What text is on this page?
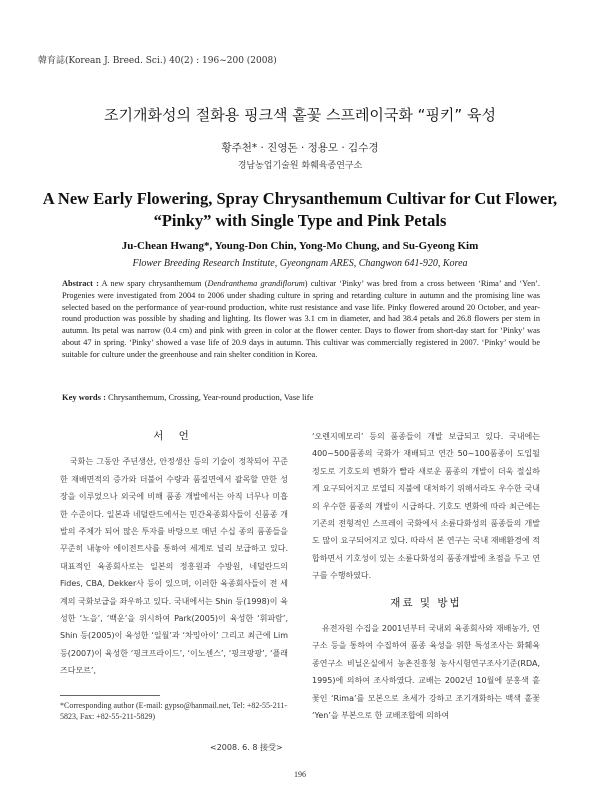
韓育誌(Korean J. Breed. Sci.) 40(2) : 196~200 (2008)
조기개화성의 절화용 핑크색 홑꽃 스프레이국화 “핑키” 육성
황주천* · 진영돈 · 정용모 · 김수경
경남농업기술원 화훼육종연구소
A New Early Flowering, Spray Chrysanthemum Cultivar for Cut Flower, “Pinky” with Single Type and Pink Petals
Ju-Chean Hwang*, Young-Don Chin, Yong-Mo Chung, and Su-Gyeong Kim
Flower Breeding Research Institute, Gyeongnam ARES, Changwon 641-920, Korea
Abstract : A new spary chrysanthemum (Dendranthema grandiflorum) cultivar ‘Pinky’ was bred from a cross between ‘Rima’ and ‘Yen’. Progenies were investigated from 2004 to 2006 under shading culture in spring and retarding culture in autumn and the promising line was selected based on the performance of year-round production, white rust resistance and vase life. Pinky flowered around 20 October, and year-round production was possible by shading and lighting. Its flower was 3.1 cm in diameter, and had 38.4 petals and 26.8 flowers per stem in autumn. Its petal was narrow (0.4 cm) and pink with green in color at the flower center. Days to flower from short-day start for ‘Pinky’ was about 47 in spring. ‘Pinky’ showed a vase life of 20.9 days in autumn. This cultivar was commercially registered in 2007. ‘Pinky’ would be suitable for culture under the greenhouse and rain shelter condition in Korea.
Key words : Chrysanthemum, Crossing, Year-round production, Vase life
서 언

국화는 그동안 주년생산, 안정생산 등의 기술이 정착되어 꾸준한 재배면적의 증가와 더불어 수량과 품질면에서 괄목할 만한 성장을 이루었으나 외국에 비해 품종 개발에서는 아직 너무나 미흡한 수준이다. 일본과 네덜란드에서는 민간육종회사들이 신품종 개발의 주체가 되어 많은 투자를 바탕으로 매년 수십 종의 품종들을 꾸준히 내놓아 에이전트사를 통하여 세계로 널리 보급하고 있다. 대표적인 육종회사로는 일본의 정흥원과 수방원, 네덜란드의 Fides, CBA, Dekker사 등이 있으며, 이러한 육종회사들이 전 세계의 국화보급을 좌우하고 있다. 국내에서는 Shin 등(1998)이 육성한 ‘노을’, ‘백운’을 위시하여 Park(2005)이 육성한 ‘휘파람’, Shin 등(2005)이 육성한 ‘일월’과 ‘차밍아이’ 그리고 최근에 Lim 등(2007)이 육성한 ‘핑크프라이드’, ‘이노센스’, ‘핑크팡팡’, ‘플래즈다모르’,

‘오렌지메모리’ 등의 품종들이 개발 보급되고 있다. 국내에는 400~500품종의 국화가 재배되고 연간 50~100품종이 도입될 정도로 기호도의 변화가 빨라 새로운 품종의 개발이 더욱 절실하게 요구되어지고 로열티 지불에 대처하기 위해서라도 우수한 국내의 우수한 품종의 개발이 시급하다. 기호도 변화에 따라 최근에는 기존의 전형적인 스프레이 국화에서 소륜다화성의 품종들의 개발도 많이 요구되어지고 있다. 따라서 본 연구는 국내 재배환경에 적합하면서 기호성이 있는 소륜다화성의 품종개발에 초점을 두고 연구를 수행하였다.

재료 및 방법

유전자원 수집을 2001년부터 국내외 육종회사와 재배농가, 연구소 등을 통하여 수집하여 품종 육성을 위한 특성조사는 화훼육종연구소 비닐온실에서 농촌진흥청 농사시험연구조사기준(RDA, 1995)에 의하여 조사하였다. 교배는 2002년 10월에 분홍색 홑꽃인 ‘Rima’를 모본으로 초세가 강하고 조기개화하는 백색 홑꽃 ‘Yen’을 부본으로 한 교배조합에 의하여

*Corresponding author (E-mail: gypso@hanmail.net, Tel: +82-55-211-5823, Fax: +82-55-211-5829)
<2008. 6. 8 接受>
196
